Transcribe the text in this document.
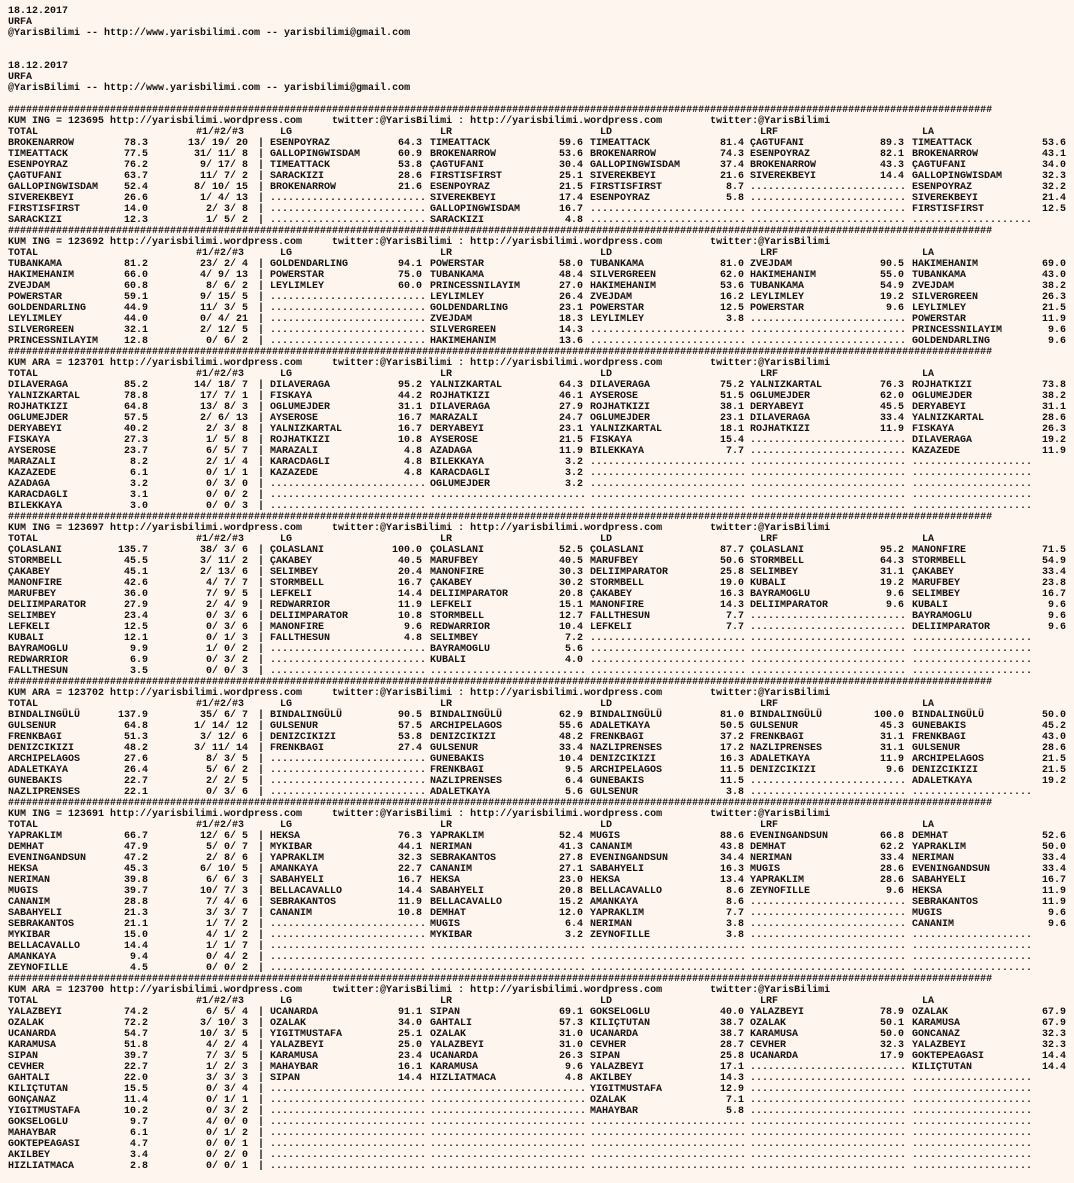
18.12.2017
URFA
@YarisBilimi -- http://www.yarisbilimi.com -- yarisbilimi@gmail.com
18.12.2017
URFA
@YarisBilimi -- http://www.yarisbilimi.com -- yarisbilimi@gmail.com
####################################################################################################################################################################
KUM ING = 123695 http://yarisbilimi.wordpress.com     twitter:@YarisBilimi : http://yarisbilimi.wordpress.com        twitter:@YarisBilimi
TOTAL	#1/#2/#3	LG	LR	LD	LRF	LA
BROKENARROW	78.3	13/ 19/ 20 | ESENPOYRAZ	64.3 TIMEATTACK	59.6 TIMEATTACK	81.4 ÇAGTUFANI	89.3 TIMEATTACK	53.6
TIMEATTACK	77.5	31/ 11/ 8 | GALLOPINGWISDAM	60.9 BROKENARROW	53.6 BROKENARROW	74.3 ESENPOYRAZ	82.1 BROKENARROW	43.1
ESENPOYRAZ	76.2	9/ 17/ 8 | TIMEATTACK	53.8 ÇAGTUFANI	30.4 GALLOPINGWISDAM	37.4 BROKENARROW	43.3 ÇAGTUFANI	34.0
ÇAGTUFANI	63.7	11/ 7/ 2 | SARACKIZI	28.6 FIRSTISFIRST	25.1 SIVEREKBEYI	21.6 SIVEREKBEYI	14.4 GALLOPINGWISDAM	32.3
GALLOPINGWISDAM	52.4	8/ 10/ 15 | BROKENARROW	21.6 ESENPOYRAZ	21.5 FIRSTISFIRST	8.7 .......................... ESENPOYRAZ	32.2
SIVEREKBEYI	26.6	1/ 4/ 13 | .......................... SIVEREKBEYI	17.4 ESENPOYRAZ	5.8 .......................... SIVEREKBEYI	21.4
FIRSTISFIRST	14.0	2/ 3/ 8 | .......................... GALLOPINGWISDAM	16.7 .......................... .......................... FIRSTISFIRST	12.5
SARACKIZI	12.3	1/ 5/ 2 | .......................... SARACKIZI	4.8 .......................... .......................... ....................
####################################################################################################################################################################
KUM ING = 123692 http://yarisbilimi.wordpress.com     twitter:@YarisBilimi : http://yarisbilimi.wordpress.com        twitter:@YarisBilimi
TOTAL	#1/#2/#3	LG	LR	LD	LRF	LA
TUBANKAMA	81.2	23/ 2/ 4 | GOLDENDARLING	94.1 POWERSTAR	58.0 TUBANKAMA	81.0 ZVEJDAM	90.5 HAKIMEHANIM	69.0
HAKIMEHANIM	66.0	4/ 9/ 13 | POWERSTAR	75.0 TUBANKAMA	48.4 SILVERGREEN	62.0 HAKIMEHANIM	55.0 TUBANKAMA	43.0
ZVEJDAM	60.8	8/ 6/ 2 | LEYLIMLEY	60.0 PRINCESSNILAYIM	27.0 HAKIMEHANIM	53.6 TUBANKAMA	54.9 ZVEJDAM	38.2
POWERSTAR	59.1	9/ 15/ 5 | .......................... LEYLIMLEY	26.4 ZVEJDAM	16.2 LEYLIMLEY	19.2 SILVERGREEN	26.3
GOLDENDARLING	44.9	11/ 3/ 5 | .......................... GOLDENDARLING	23.1 POWERSTAR	12.5 POWERSTAR	9.6 LEYLIMLEY	21.5
LEYLIMLEY	44.0	0/ 4/ 21 | .......................... ZVEJDAM	18.3 LEYLIMLEY	3.8 .......................... POWERSTAR	11.9
SILVERGREEN	32.1	2/ 12/ 5 | .......................... SILVERGREEN	14.3 .......................... .......................... PRINCESSNILAYIM	9.6
PRINCESSNILAYIM	12.8	0/ 6/ 2 | .......................... HAKIMEHANIM	13.6 .......................... .......................... GOLDENDARLING	9.6
####################################################################################################################################################################
KUM ARA = 123701 http://yarisbilimi.wordpress.com     twitter:@YarisBilimi : http://yarisbilimi.wordpress.com        twitter:@YarisBilimi
TOTAL	#1/#2/#3	LG	LR	LD	LRF	LA
DILAVERAGA	85.2	14/ 18/ 7 | DILAVERAGA	95.2 YALNIZKARTAL	64.3 DILAVERAGA	75.2 YALNIZKARTAL	76.3 ROJHATKIZI	73.8
YALNIZKARTAL	78.8	17/ 7/ 1 | FISKAYA	44.2 ROJHATKIZI	46.1 AYSEROSE	51.5 OGLUMEJDER	62.0 OGLUMEJDER	38.2
ROJHATKIZI	64.8	13/ 8/ 3 | OGLUMEJDER	31.1 DILAVERAGA	27.9 ROJHATKIZI	38.1 DERYABEYI	45.5 DERYABEYI	31.1
OGLUMEJDER	57.5	2/ 6/ 13 | AYSEROSE	16.7 MARAZALI	24.7 OGLUMEJDER	23.1 DILAVERAGA	33.4 YALNIZKARTAL	28.6
DERYABEYI	40.2	2/ 3/ 8 | YALNIZKARTAL	16.7 DERYABEYI	23.1 YALNIZKARTAL	18.1 ROJHATKIZI	11.9 FISKAYA	26.3
FISKAYA	27.3	1/ 5/ 8 | ROJHATKIZI	10.8 AYSEROSE	21.5 FISKAYA	15.4 .......................... DILAVERAGA	19.2
AYSEROSE	23.7	6/ 5/ 7 | MARAZALI	4.8 AZADAGA	11.9 BILEKKAYA	7.7 .......................... KAZAZEDE	11.9
MARAZALI	8.2	2/ 1/ 4 | KARACDAGLI	4.8 BILEKKAYA	3.2 .......................... .......................... ....................
KAZAZEDE	6.1	0/ 1/ 1 | KAZAZEDE	4.8 KARACDAGLI	3.2 .......................... .......................... ....................
AZADAGA	3.2	0/ 3/ 0 | .......................... OGLUMEJDER	3.2 .......................... .......................... ....................
KARACDAGLI	3.1	0/ 0/ 2 | .......................... .......................... .......................... .......................... ....................
BILEKKAYA	3.0	0/ 0/ 3 | .......................... .......................... .......................... .......................... ....................
####################################################################################################################################################################
KUM ING = 123697 http://yarisbilimi.wordpress.com     twitter:@YarisBilimi : http://yarisbilimi.wordpress.com        twitter:@YarisBilimi
TOTAL	#1/#2/#3	LG	LR	LD	LRF	LA
ÇOLASLANI	135.7	38/ 3/ 6 | ÇOLASLANI	100.0 ÇOLASLANI	52.5 ÇOLASLANI	87.7 ÇOLASLANI	95.2 MANONFIRE	71.5
STORMBELL	45.5	3/ 11/ 2 | ÇAKABEY	40.5 MARUFBEY	40.5 MARUFBEY	50.6 STORMBELL	64.3 STORMBELL	54.9
ÇAKABEY	45.1	2/ 13/ 6 | SELIMBEY	20.4 MANONFIRE	30.3 DELIIMPARATOR	25.8 SELIMBEY	31.1 ÇAKABEY	33.4
MANONFIRE	42.6	4/ 7/ 7 | STORMBELL	16.7 ÇAKABEY	30.2 STORMBELL	19.0 KUBALI	19.2 MARUFBEY	23.8
MARUFBEY	36.0	7/ 9/ 5 | LEFKELI	14.4 DELIIMPARATOR	20.8 ÇAKABEY	16.3 BAYRAMOGLU	9.6 SELIMBEY	16.7
DELIIMPARATOR	27.9	2/ 4/ 9 | REDWARRIOR	11.9 LEFKELI	15.1 MANONFIRE	14.3 DELIIMPARATOR	9.6 KUBALI	9.6
SELIMBEY	23.4	0/ 3/ 6 | DELIIMPARATOR	10.8 STORMBELL	12.7 FALLTHESUN	7.7 .......................... BAYRAMOGLU	9.6
LEFKELI	12.5	0/ 3/ 6 | MANONFIRE	9.6 REDWARRIOR	10.4 LEFKELI	7.7 .......................... DELIIMPARATOR	9.6
KUBALI	12.1	0/ 1/ 3 | FALLTHESUN	4.8 SELIMBEY	7.2 .......................... .......................... ....................
BAYRAMOGLU	9.9	1/ 0/ 2 | .......................... BAYRAMOGLU	5.6 .......................... .......................... ....................
REDWARRIOR	6.9	0/ 3/ 2 | .......................... KUBALI	4.0 .......................... .......................... ....................
FALLTHESUN	3.5	0/ 0/ 3 | .......................... .......................... .......................... .......................... ....................
####################################################################################################################################################################
KUM ARA = 123702 http://yarisbilimi.wordpress.com     twitter:@YarisBilimi : http://yarisbilimi.wordpress.com        twitter:@YarisBilimi
TOTAL	#1/#2/#3	LG	LR	LD	LRF	LA
BINDALINGÜLÜ	137.9	35/ 6/ 7 | BINDALINGÜLÜ	90.5 BINDALINGÜLÜ	62.9 BINDALINGÜLÜ	81.0 BINDALINGÜLÜ	100.0 BINDALINGÜLÜ	50.0
GULSENUR	64.8	1/ 14/ 12 | GULSENUR	57.5 ARCHIPELAGOS	55.6 ADALETKAYA	50.5 GULSENUR	45.3 GUNEBAKIS	45.2
FRENKBAGI	51.3	3/ 12/ 6 | DENIZCIKIZI	53.8 DENIZCIKIZI	48.2 FRENKBAGI	37.2 FRENKBAGI	31.1 FRENKBAGI	43.0
DENIZCIKIZI	48.2	3/ 11/ 14 | FRENKBAGI	27.4 GULSENUR	33.4 NAZLIPRENSES	17.2 NAZLIPRENSES	31.1 GULSENUR	28.6
ARCHIPELAGOS	27.6	8/ 3/ 5 | .......................... GUNEBAKIS	10.4 DENIZCIKIZI	16.3 ADALETKAYA	11.9 ARCHIPELAGOS	21.5
ADALETKAYA	26.4	5/ 6/ 2 | .......................... FRENKBAGI	9.5 ARCHIPELAGOS	11.5 DENIZCIKIZI	9.6 DENIZCIKIZI	21.5
GUNEBAKIS	22.7	2/ 2/ 5 | .......................... NAZLIPRENSES	6.4 GUNEBAKIS	11.5 .......................... ADALETKAYA	19.2
NAZLIPRENSES	22.1	0/ 3/ 6 | .......................... ADALETKAYA	5.6 GULSENUR	3.8 .......................... ....................
####################################################################################################################################################################
KUM ING = 123691 http://yarisbilimi.wordpress.com     twitter:@YarisBilimi : http://yarisbilimi.wordpress.com        twitter:@YarisBilimi
TOTAL	#1/#2/#3	LG	LR	LD	LRF	LA
YAPRAKLIM	66.7	12/ 6/ 5 | HEKSA	76.3 YAPRAKLIM	52.4 MUGIS	88.6 EVENINGANDSUN	66.8 DEMHAT	52.6
DEMHAT	47.9	5/ 0/ 7 | MYKIBAR	44.1 NERIMAN	41.3 CANANIM	43.8 DEMHAT	62.2 YAPRAKLIM	50.0
EVENINGANDSUN	47.2	2/ 8/ 6 | YAPRAKLIM	32.3 SEBRAKANTOS	27.8 EVENINGANDSUN	34.4 NERIMAN	33.4 NERIMAN	33.4
HEKSA	45.3	6/ 10/ 5 | AMANKAYA	22.7 CANANIM	27.1 SABAHYELI	16.3 MUGIS	28.6 EVENINGANDSUN	33.4
NERIMAN	39.8	6/ 6/ 3 | SABAHYELI	16.7 HEKSA	23.0 HEKSA	13.4 YAPRAKLIM	28.6 SABAHYELI	16.7
MUGIS	39.7	10/ 7/ 3 | BELLACAVALLO	14.4 SABAHYELI	20.8 BELLACAVALLO	8.6 ZEYNOFILLE	9.6 HEKSA	11.9
CANANIM	28.8	7/ 4/ 6 | SEBRAKANTOS	11.9 BELLACAVALLO	15.2 AMANKAYA	8.6 .......................... SEBRAKANTOS	11.9
SABAHYELI	21.3	3/ 3/ 7 | CANANIM	10.8 DEMHAT	12.0 YAPRAKLIM	7.7 .......................... MUGIS	9.6
SEBRAKANTOS	21.1	1/ 7/ 2 | .......................... MUGIS	6.4 NERIMAN	3.8 .......................... CANANIM	9.6
MYKIBAR	15.0	4/ 1/ 2 | .......................... MYKIBAR	3.2 ZEYNOFILLE	3.8 .......................... ....................
BELLACAVALLO	14.4	1/ 1/ 7 | .......................... .......................... .......................... .......................... ....................
AMANKAYA	9.4	0/ 4/ 2 | .......................... .......................... .......................... .......................... ....................
ZEYNOFILLE	4.5	0/ 0/ 2 | .......................... .......................... .......................... .......................... ....................
####################################################################################################################################################################
KUM ARA = 123700 http://yarisbilimi.wordpress.com     twitter:@YarisBilimi : http://yarisbilimi.wordpress.com        twitter:@YarisBilimi
TOTAL	#1/#2/#3	LG	LR	LD	LRF	LA
YALAZBEYI	74.2	6/ 5/ 4 | UCANARDA	91.1 SIPAN	69.1 GOKSELOGLU	40.0 YALAZBEYI	78.9 OZALAK	67.9
OZALAK	72.2	3/ 10/ 3 | OZALAK	34.0 GAHTALI	57.3 KILIÇTUTAN	38.7 OZALAK	50.1 KARAMUSA	67.9
UCANARDA	54.7	10/ 3/ 5 | YIGITMUSTAFA	25.1 OZALAK	31.0 UCANARDA	38.7 KARAMUSA	50.0 GONCANAZ	32.3
KARAMUSA	51.8	4/ 2/ 4 | YALAZBEYI	25.0 YALAZBEYI	31.0 CEVHER	28.7 CEVHER	32.3 YALAZBEYI	32.3
SIPAN	39.7	7/ 3/ 5 | KARAMUSA	23.4 UCANARDA	26.3 SIPAN	25.8 UCANARDA	17.9 GOKTEPEAGASI	14.4
CEVHER	22.7	1/ 2/ 3 | MAHAYBAR	16.1 KARAMUSA	9.6 YALAZBEYI	17.1 .......................... KILIÇTUTAN	14.4
GAHTALI	22.0	3/ 3/ 3 | SIPAN	14.4 HIZLIATMACA	4.8 AKILBEY	14.3 .......................... ....................
KILIÇTUTAN	15.5	0/ 3/ 4 | .......................... .......................... YIGITMUSTAFA	12.9 .......................... ....................
GONÇANAZ	11.4	0/ 1/ 1 | .......................... .......................... OZALAK	7.1 .......................... ....................
YIGITMUSTAFA	10.2	0/ 3/ 2 | .......................... .......................... MAHAYBAR	5.8 .......................... ....................
GOKSELOGLU	9.7	4/ 0/ 0 | .......................... .......................... .......................... .......................... ....................
MAHAYBAR	6.1	0/ 1/ 2 | .......................... .......................... .......................... .......................... ....................
GOKTEPEAGASI	4.7	0/ 0/ 1 | .......................... .......................... .......................... .......................... ....................
AKILBEY	3.4	0/ 2/ 0 | .......................... .......................... .......................... .......................... ....................
HIZLIATMACA	2.8	0/ 0/ 1 | .......................... .......................... .......................... .......................... ....................
